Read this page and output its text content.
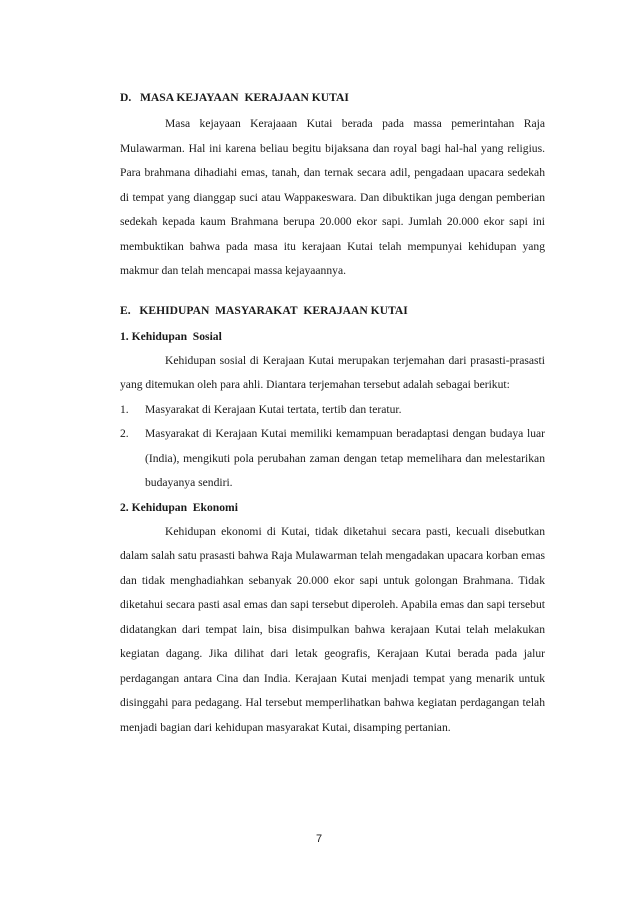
D.   MASA KEJAYAAN  KERAJAAN KUTAI

Masa kejayaan Kerajaaan Kutai berada pada massa pemerintahan Raja Mulawarman. Hal ini karena beliau begitu bijaksana dan royal bagi hal-hal yang religius. Para brahmana dihadiahi emas, tanah, dan ternak secara adil, pengadaan upacara sedekah di tempat yang dianggap suci atau Wapракeswara. Dan dibuktikan juga dengan pemberian sedekah kepada kaum Brahmana berupa 20.000 ekor sapi. Jumlah 20.000 ekor sapi ini membuktikan bahwa pada masa itu kerajaan Kutai telah mempunyai kehidupan yang makmur dan telah mencapai massa kejayaannya.

E.   KEHIDUPAN  MASYARAKAT  KERAJAAN KUTAI
1. Kehidupan  Sosial

Kehidupan sosial di Kerajaan Kutai merupakan terjemahan dari prasasti-prasasti yang ditemukan oleh para ahli. Diantara terjemahan tersebut adalah sebagai berikut:

1. Masyarakat di Kerajaan Kutai tertata, tertib dan teratur.
2. Masyarakat di Kerajaan Kutai memiliki kemampuan beradaptasi dengan budaya luar (India), mengikuti pola perubahan zaman dengan tetap memelihara dan melestarikan budayanya sendiri.
2. Kehidupan  Ekonomi

Kehidupan ekonomi di Kutai, tidak diketahui secara pasti, kecuali disebutkan dalam salah satu prasasti bahwa Raja Mulawarman telah mengadakan upacara korban emas dan tidak menghadiahkan sebanyak 20.000 ekor sapi untuk golongan Brahmana. Tidak diketahui secara pasti asal emas dan sapi tersebut diperoleh. Apabila emas dan sapi tersebut didatangkan dari tempat lain, bisa disimpulkan bahwa kerajaan Kutai telah melakukan kegiatan dagang. Jika dilihat dari letak geografis, Kerajaan Kutai berada pada jalur perdagangan antara Cina dan India. Kerajaan Kutai menjadi tempat yang menarik untuk disinggahi para pedagang. Hal tersebut memperlihatkan bahwa kegiatan perdagangan telah menjadi bagian dari kehidupan masyarakat Kutai, disamping pertanian.

7
